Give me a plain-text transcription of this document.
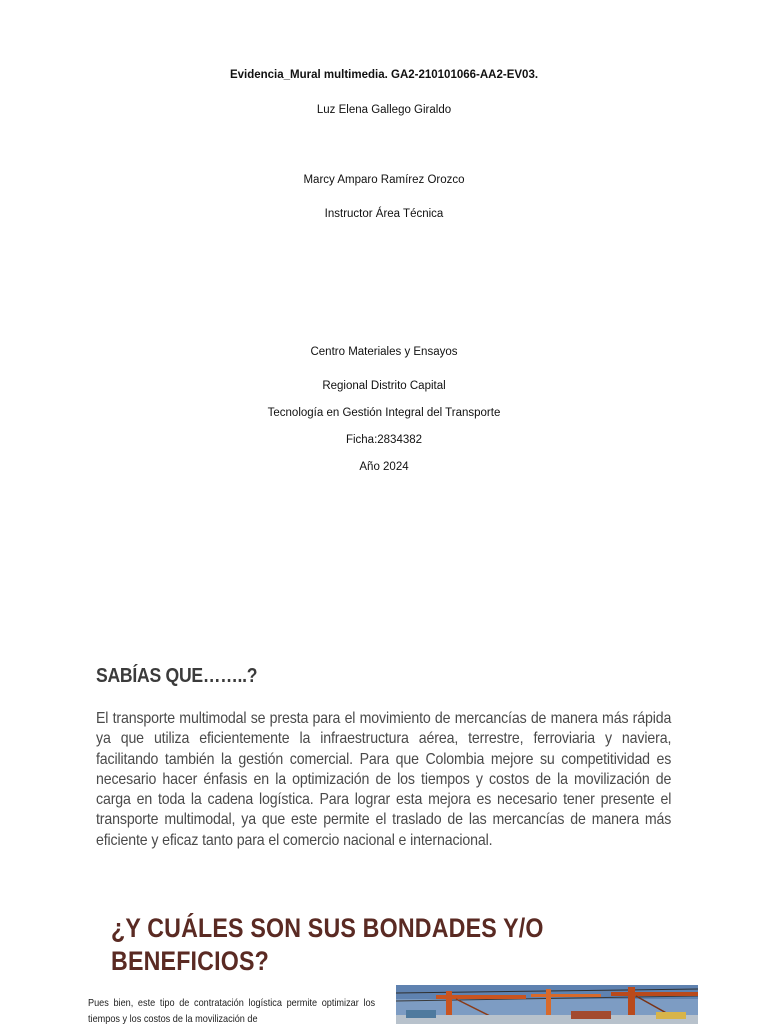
Evidencia_Mural multimedia. GA2-210101066-AA2-EV03.
Luz Elena Gallego Giraldo
Marcy Amparo Ramírez Orozco
Instructor Área Técnica
Centro Materiales y Ensayos
Regional Distrito Capital
Tecnología en Gestión Integral del Transporte
Ficha:2834382
Año 2024
SABÍAS QUE……..?
El transporte multimodal se presta para el movimiento de mercancías de manera más rápida ya que utiliza eficientemente la infraestructura aérea, terrestre, ferroviaria y naviera, facilitando también la gestión comercial. Para que Colombia mejore su competitividad es necesario hacer énfasis en la optimización de los tiempos y costos de la movilización de carga en toda la cadena logística. Para lograr esta mejora es necesario tener presente el transporte multimodal, ya que este permite el traslado de las mercancías de manera más eficiente y eficaz tanto para el comercio nacional e internacional.
¿Y CUÁLES SON SUS BONDADES Y/O BENEFICIOS?
Pues bien, este tipo de contratación logística permite optimizar los tiempos y los costos de la movilización de
